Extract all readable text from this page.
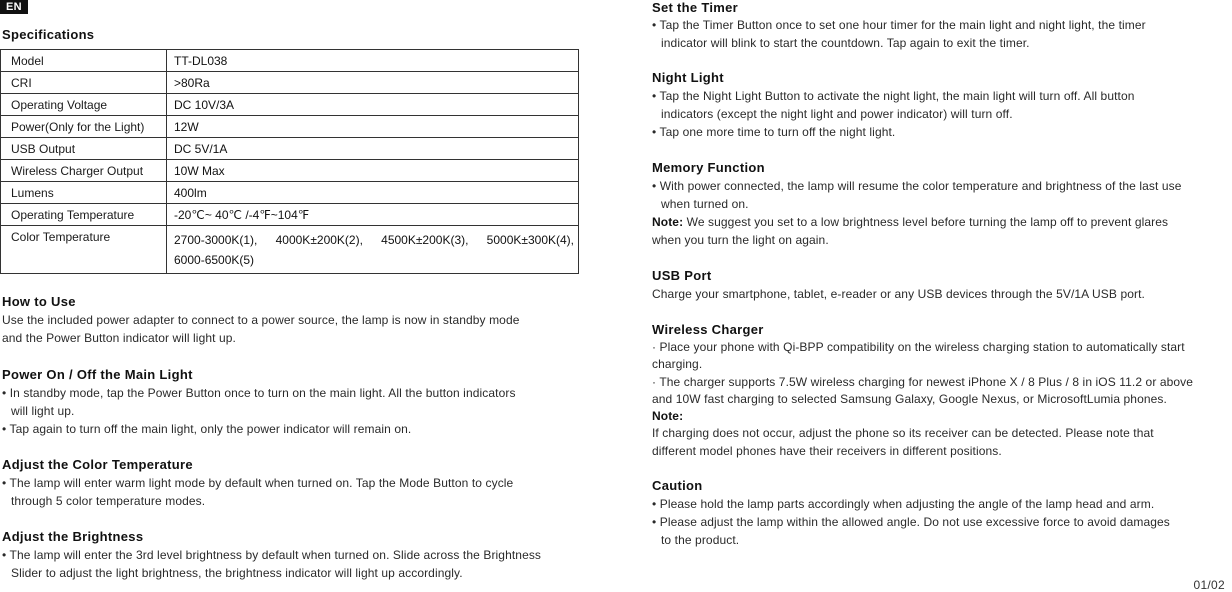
EN
Specifications
Model	TT-DL038
CRI	>80Ra
Operating Voltage	DC 10V/3A
Power(Only for the Light)	12W
USB Output	DC 5V/1A
Wireless Charger Output	10W Max
Lumens	400lm
Operating Temperature	-20℃~ 40℃ /-4℉~104℉
Color Temperature	2700-3000K(1), 4000K±200K(2), 4500K±200K(3), 5000K±300K(4),
6000-6500K(5)
How to Use
Use the included power adapter to connect to a power source, the lamp is now in standby mode
and the Power Button indicator will light up.
Power On / Off the Main Light
• In standby mode, tap the Power Button once to turn on the main light. All the button indicators
will light up.
• Tap again to turn off the main light, only the power indicator will remain on.
Adjust the Color Temperature
• The lamp will enter warm light mode by default when turned on. Tap the Mode Button to cycle
through 5 color temperature modes.
Adjust the Brightness
• The lamp will enter the 3rd level brightness by default when turned on. Slide across the Brightness
Slider to adjust the light brightness, the brightness indicator will light up accordingly.
Set the Timer
• Tap the Timer Button once to set one hour timer for the main light and night light, the timer
indicator will blink to start the countdown. Tap again to exit the timer.
Night Light
• Tap the Night Light Button to activate the night light, the main light will turn off. All button
indicators (except the night light and power indicator) will turn off.
• Tap one more time to turn off the night light.
Memory Function
• With power connected, the lamp will resume the color temperature and brightness of the last use
when turned on.
Note: We suggest you set to a low brightness level before turning the lamp off to prevent glares
when you turn the light on again.
USB Port
Charge your smartphone, tablet, e-reader or any USB devices through the 5V/1A USB port.
Wireless Charger
· Place your phone with Qi-BPP compatibility on the wireless charging station to automatically start
charging.
· The charger supports 7.5W wireless charging for newest iPhone X / 8 Plus / 8 in iOS 11.2 or above
and 10W fast charging to selected Samsung Galaxy, Google Nexus, or MicrosoftLumia phones.
Note:
If charging does not occur, adjust the phone so its receiver can be detected. Please note that
different model phones have their receivers in different positions.
Caution
• Please hold the lamp parts accordingly when adjusting the angle of the lamp head and arm.
• Please adjust the lamp within the allowed angle. Do not use excessive force to avoid damages
to the product.
01/02
